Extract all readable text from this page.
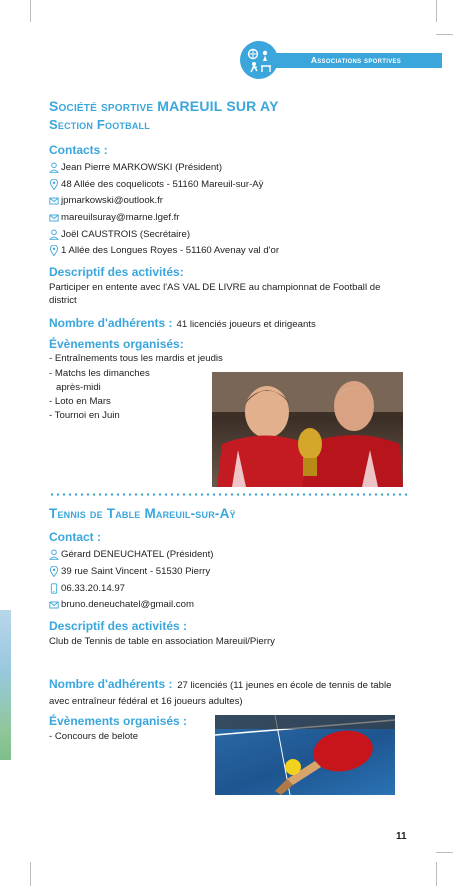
Associations sportives
Société sportive MAREUIL SUR AY
Section Football
Contacts :
Jean Pierre MARKOWSKI (Président)
48 Allée des coquelicots - 51160 Mareuil-sur-Aÿ
jpmarkowski@outlook.fr
mareuilsuray@marne.lgef.fr
Joël CAUSTROIS (Secrétaire)
1 Allée des Longues Royes - 51160 Avenay val d'or
Descriptif des activités:
Participer en entente avec l'AS VAL DE LIVRE au championnat de Football de district
Nombre d'adhérents : 41 licenciés joueurs et dirigeants
Évènements organisés:
- Entraînements tous les mardis et jeudis
- Matchs les dimanches
après-midi
- Loto en Mars
- Tournoi en Juin
Tennis de Table Mareuil-sur-Aÿ
Contact :
Gérard DENEUCHATEL (Président)
39 rue Saint Vincent - 51530 Pierry
06.33.20.14.97
bruno.deneuchatel@gmail.com
Descriptif des activités :
Club de Tennis de table en association Mareuil/Pierry
Nombre d'adhérents : 27 licenciés (11 jeunes en école de tennis de table avec entraîneur fédéral et 16 joueurs adultes)
Évènements organisés :
- Concours de belote
11
